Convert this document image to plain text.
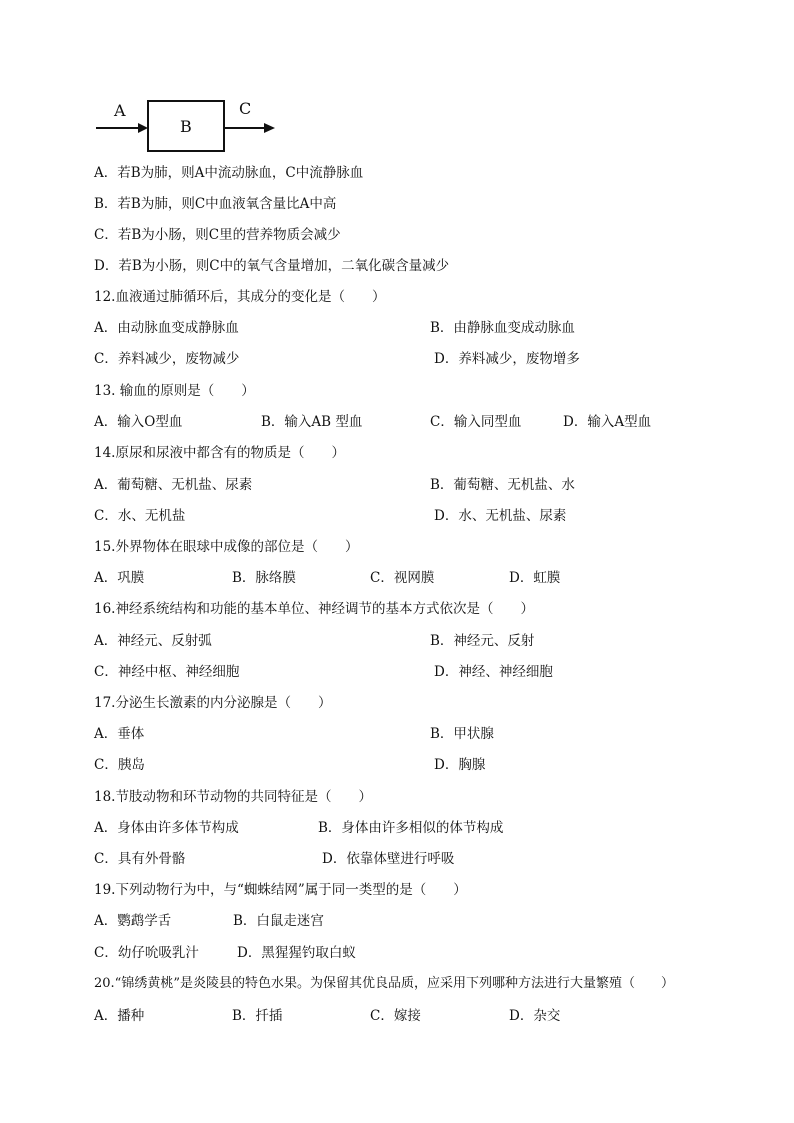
A
B
C
A．若B为肺，则A中流动脉血，C中流静脉血
B．若B为肺，则C中血液氧含量比A中高
C．若B为小肠，则C里的营养物质会减少
D．若B为小肠，则C中的氧气含量增加，二氧化碳含量减少
12.血液通过肺循环后，其成分的变化是（　　）
A．由动脉血变成静脉血	B．由静脉血变成动脉血
C．养料减少，废物减少	D．养料减少，废物增多
13. 输血的原则是（　　）
A．输入O型血	B．输入AB 型血	C．输入同型血	D．输入A型血
14.原尿和尿液中都含有的物质是（　　）
A．葡萄糖、无机盐、尿素	B．葡萄糖、无机盐、水
C．水、无机盐	D．水、无机盐、尿素
15.外界物体在眼球中成像的部位是（　　）
A．巩膜	B．脉络膜	C．视网膜	D．虹膜
16.神经系统结构和功能的基本单位、神经调节的基本方式依次是（　　）
A．神经元、反射弧	B．神经元、反射
C．神经中枢、神经细胞	D．神经、神经细胞
17.分泌生长激素的内分泌腺是（　　）
A．垂体	B．甲状腺
C．胰岛	D．胸腺
18.节肢动物和环节动物的共同特征是（　　）
A．身体由许多体节构成	B．身体由许多相似的体节构成
C．具有外骨骼	D．依靠体壁进行呼吸
19.下列动物行为中，与“蜘蛛结网”属于同一类型的是（　　）
A．鹦鹉学舌	B．白鼠走迷宫
C．幼仔吮吸乳汁	D．黑猩猩钓取白蚁
20.“锦绣黄桃”是炎陵县的特色水果。为保留其优良品质，应采用下列哪种方法进行大量繁殖（　　）
A．播种	B．扦插	C．嫁接	D．杂交
